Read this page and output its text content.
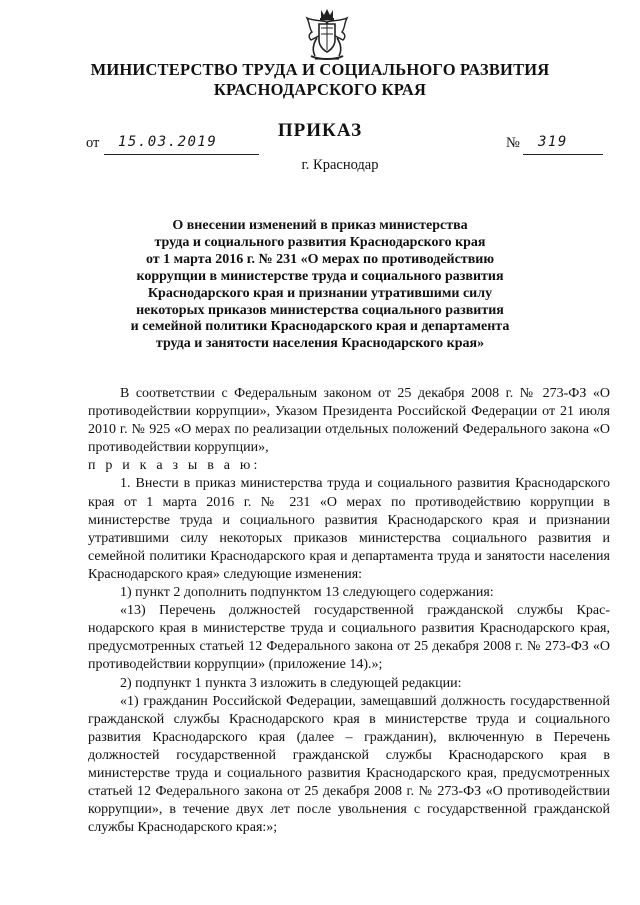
МИНИСТЕРСТВО ТРУДА И СОЦИАЛЬНОГО РАЗВИТИЯ
КРАСНОДАРСКОГО КРАЯ
ПРИКАЗ
от 15.03.2019	№ 319
г. Краснодар
О внесении изменений в приказ министерства
труда и социального развития Краснодарского края
от 1 марта 2016 г. № 231 «О мерах по противодействию
коррупции в министерстве труда и социального развития
Краснодарского края и признании утратившими силу
некоторых приказов министерства социального развития
и семейной политики Краснодарского края и департамента
труда и занятости населения Краснодарского края»

В соответствии с Федеральным законом от 25 декабря 2008 г. № 273-ФЗ «О противодействии коррупции», Указом Президента Российской Федерации от 21 июля 2010 г. № 925 «О мерах по реализации отдельных положений Федерального закона «О противодействии коррупции»,

п р и к а з ы в а ю:

1. Внести в приказ министерства труда и социального развития Краснодарского края от 1 марта 2016 г. № 231 «О мерах по противодействию коррупции в министерстве труда и социального развития Краснодарского края и признании утратившими силу некоторых приказов министерства социального развития и семейной политики Краснодарского края и департамента труда и занятости населения Краснодарского края» следующие изменения:

1) пункт 2 дополнить подпунктом 13 следующего содержания:

«13) Перечень должностей государственной гражданской службы Краснодарского края в министерстве труда и социального развития Краснодарского края, предусмотренных статьей 12 Федерального закона от 25 декабря 2008 г. № 273-ФЗ «О противодействии коррупции» (приложение 14).»;

2) подпункт 1 пункта 3 изложить в следующей редакции:

«1) гражданин Российской Федерации, замещавший должность государственной гражданской службы Краснодарского края в министерстве труда и социального развития Краснодарского края (далее – гражданин), включенную в Перечень должностей государственной гражданской службы Краснодарского края в министерстве труда и социального развития Краснодарского края, предусмотренных статьей 12 Федерального закона от 25 декабря 2008 г. № 273-ФЗ «О противодействии коррупции», в течение двух лет после увольнения с государственной гражданской службы Краснодарского края:»;
